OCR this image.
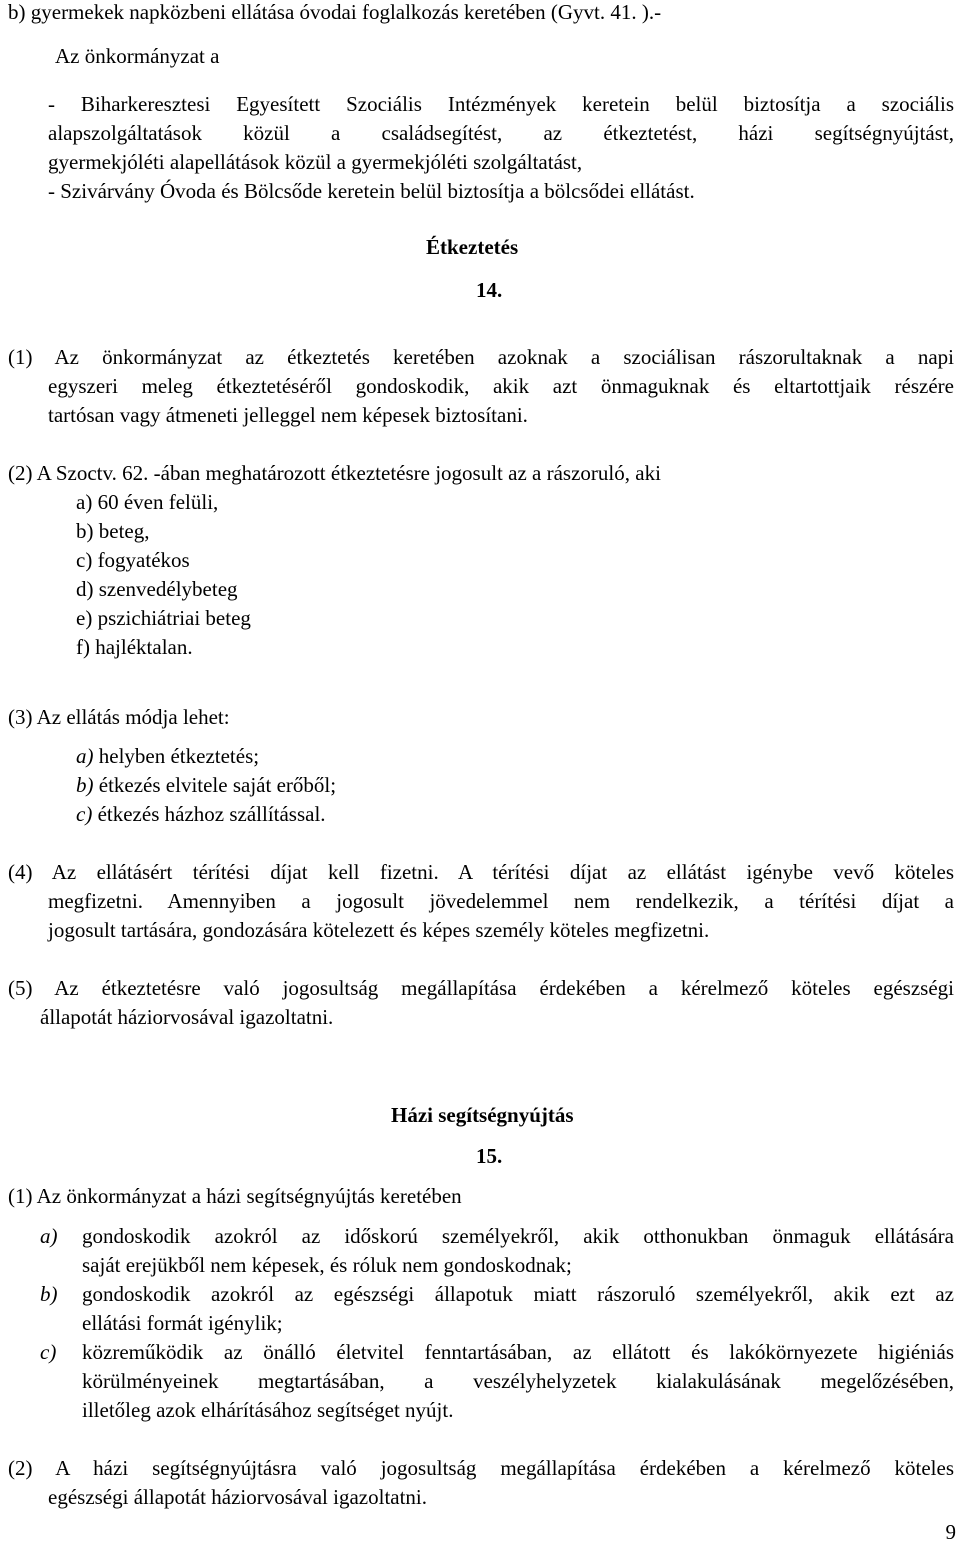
b) gyermekek napközbeni ellátása óvodai foglalkozás keretében (Gyvt. 41. ).-
Az önkormányzat a
- Biharkeresztesi Egyesített Szociális Intézmények keretein belül biztosítja a szociális
alapszolgáltatások közül a családsegítést, az étkeztetést, házi segítségnyújtást,
gyermekjóléti alapellátások közül a gyermekjóléti szolgáltatást,
- Szivárvány Óvoda és Bölcsőde keretein belül biztosítja a bölcsődei ellátást.
Étkeztetés
14.
(1) Az önkormányzat az étkeztetés keretében azoknak a szociálisan rászorultaknak a napi
egyszeri meleg étkeztetéséről gondoskodik, akik azt önmaguknak és eltartottjaik részére
tartósan vagy átmeneti jelleggel nem képesek biztosítani.
(2) A Szoctv. 62. -ában meghatározott étkeztetésre jogosult az a rászoruló, aki
a) 60 éven felüli,
b) beteg,
c) fogyatékos
d) szenvedélybeteg
e) pszichiátriai beteg
f) hajléktalan.
(3) Az ellátás módja lehet:
a) helyben étkeztetés;
b) étkezés elvitele saját erőből;
c) étkezés házhoz szállítással.
(4) Az ellátásért térítési díjat kell fizetni. A térítési díjat az ellátást igénybe vevő köteles
megfizetni. Amennyiben a jogosult jövedelemmel nem rendelkezik, a térítési díjat a
jogosult tartására, gondozására kötelezett és képes személy köteles megfizetni.
(5) Az étkeztetésre való jogosultság megállapítása érdekében a kérelmező köteles egészségi
állapotát háziorvosával igazoltatni.
Házi segítségnyújtás
15.
(1) Az önkormányzat a házi segítségnyújtás keretében
a) gondoskodik azokról az időskorú személyekről, akik otthonukban önmaguk ellátására
saját erejükből nem képesek, és róluk nem gondoskodnak;
b) gondoskodik azokról az egészségi állapotuk miatt rászoruló személyekről, akik ezt az
ellátási formát igénylik;
c) közreműködik az önálló életvitel fenntartásában, az ellátott és lakókörnyezete higiéniás
körülményeinek megtartásában, a veszélyhelyzetek kialakulásának megelőzésében,
illetőleg azok elhárításához segítséget nyújt.
(2) A házi segítségnyújtásra való jogosultság megállapítása érdekében a kérelmező köteles
egészségi állapotát háziorvosával igazoltatni.
9
